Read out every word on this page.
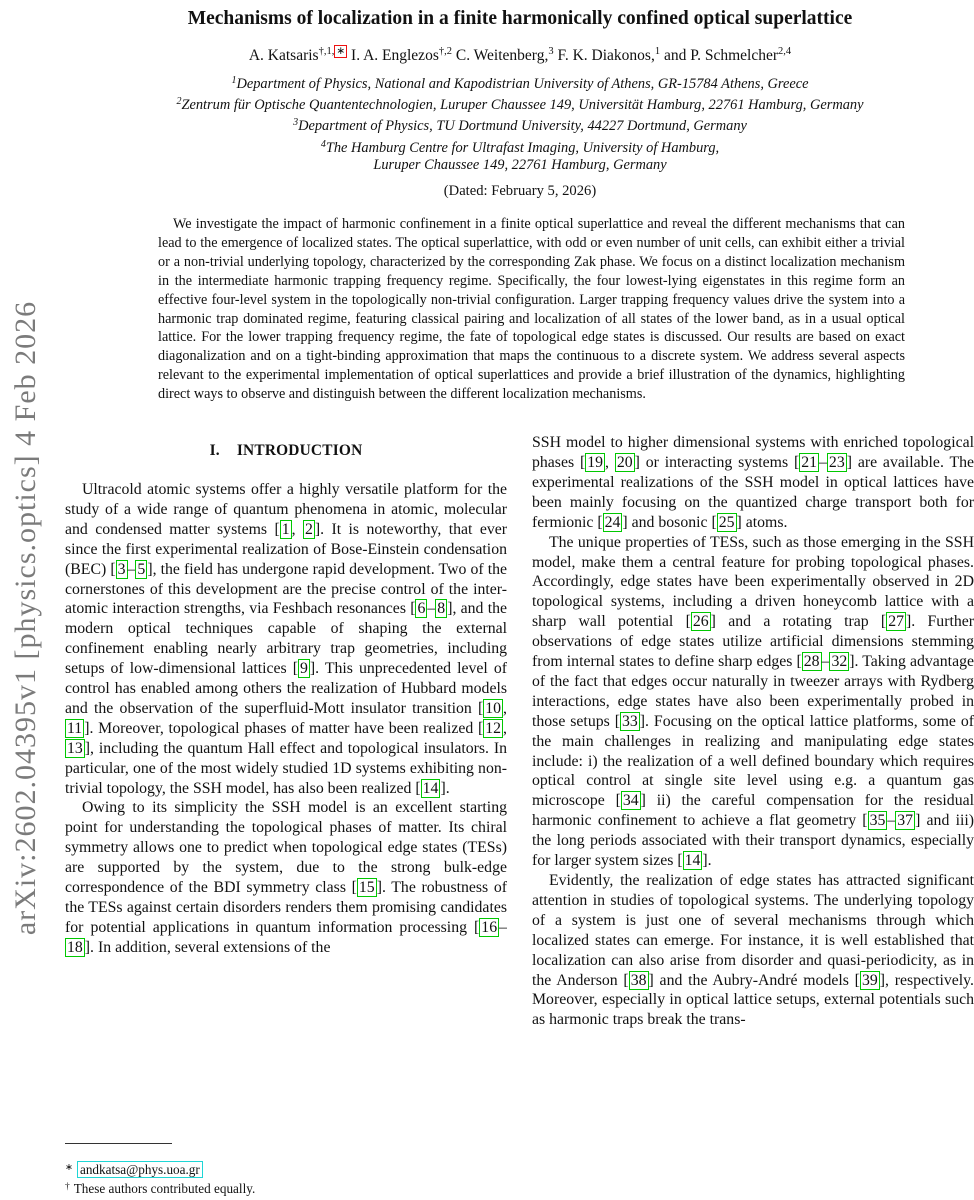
arXiv:2602.04395v1 [physics.optics] 4 Feb 2026
Mechanisms of localization in a finite harmonically confined optical superlattice
A. Katsaris$^{\dagger,1,}$ ∗ I. A. Englezos$^{\dagger,2}$ C. Weitenberg,$^3$ F. K. Diakonos,$^1$ and P. Schmelcher$^{2,4}$
$^1$Department of Physics, National and Kapodistrian University of Athens, GR-15784 Athens, Greece
$^2$Zentrum für Optische Quantentechnologien, Luruper Chaussee 149, Universität Hamburg, 22761 Hamburg, Germany
$^3$Department of Physics, TU Dortmund University, 44227 Dortmund, Germany
$^4$The Hamburg Centre for Ultrafast Imaging, University of Hamburg,
Luruper Chaussee 149, 22761 Hamburg, Germany
(Dated: February 5, 2026)
We investigate the impact of harmonic confinement in a finite optical superlattice and reveal the different mechanisms that can lead to the emergence of localized states. The optical superlattice, with odd or even number of unit cells, can exhibit either a trivial or a non-trivial underlying topology, characterized by the corresponding Zak phase. We focus on a distinct localization mechanism in the intermediate harmonic trapping frequency regime. Specifically, the four lowest-lying eigenstates in this regime form an effective four-level system in the topologically non-trivial configuration. Larger trapping frequency values drive the system into a harmonic trap dominated regime, featuring classical pairing and localization of all states of the lower band, as in a usual optical lattice. For the lower trapping frequency regime, the fate of topological edge states is discussed. Our results are based on exact diagonalization and on a tight-binding approximation that maps the continuous to a discrete system. We address several aspects relevant to the experimental implementation of optical superlattices and provide a brief illustration of the dynamics, highlighting direct ways to observe and distinguish between the different localization mechanisms.
I. INTRODUCTION

Ultracold atomic systems offer a highly versatile platform for the study of a wide range of quantum phenomena in atomic, molecular and condensed matter systems [ 1 , 2 ]. It is noteworthy, that ever since the first experimental realization of Bose-Einstein condensation (BEC) [ 3 – 5 ], the field has undergone rapid development. Two of the cornerstones of this development are the precise control of the inter-atomic interaction strengths, via Feshbach resonances [ 6 – 8 ], and the modern optical techniques capable of shaping the external confinement enabling nearly arbitrary trap geometries, including setups of low-dimensional lattices [ 9 ]. This unprecedented level of control has enabled among others the realization of Hubbard models and the observation of the superfluid-Mott insulator transition [ 10 , 11 ]. Moreover, topological phases of matter have been realized [ 12 , 13 ], including the quantum Hall effect and topological insulators. In particular, one of the most widely studied 1D systems exhibiting non-trivial topology, the SSH model, has also been realized [ 14 ].

Owing to its simplicity the SSH model is an excellent starting point for understanding the topological phases of matter. Its chiral symmetry allows one to predict when topological edge states (TESs) are supported by the system, due to the strong bulk-edge correspondence of the BDI symmetry class [ 15 ]. The robustness of the TESs against certain disorders renders them promising candidates for potential applications in quantum information processing [ 16 –18 ]. In addition, several extensions of the

SSH model to higher dimensional systems with enriched topological phases [ 19 , 20 ] or interacting systems [ 21 – 23 ] are available. The experimental realizations of the SSH model in optical lattices have been mainly focusing on the quantized charge transport both for fermionic [ 24 ] and bosonic [ 25 ] atoms.

The unique properties of TESs, such as those emerging in the SSH model, make them a central feature for probing topological phases. Accordingly, edge states have been experimentally observed in 2D topological systems, including a driven honeycomb lattice with a sharp wall potential [ 26 ] and a rotating trap [ 27 ]. Further observations of edge states utilize artificial dimensions stemming from internal states to define sharp edges [ 28 – 32 ]. Taking advantage of the fact that edges occur naturally in tweezer arrays with Rydberg interactions, edge states have also been experimentally probed in those setups [ 33 ]. Focusing on the optical lattice platforms, some of the main challenges in realizing and manipulating edge states include: i) the realization of a well defined boundary which requires optical control at single site level using e.g. a quantum gas microscope [ 34 ] ii) the careful compensation for the residual harmonic confinement to achieve a flat geometry [ 35 – 37 ] and iii) the long periods associated with their transport dynamics, especially for larger system sizes [ 14 ].

Evidently, the realization of edge states has attracted significant attention in studies of topological systems. The underlying topology of a system is just one of several mechanisms through which localized states can emerge. For instance, it is well established that localization can also arise from disorder and quasi-periodicity, as in the Anderson [ 38 ] and the Aubry-André models [ 39 ], respectively. Moreover, especially in optical lattice setups, external potentials such as harmonic traps break the trans-

∗ andkatsa@phys.uoa.gr
† These authors contributed equally.
